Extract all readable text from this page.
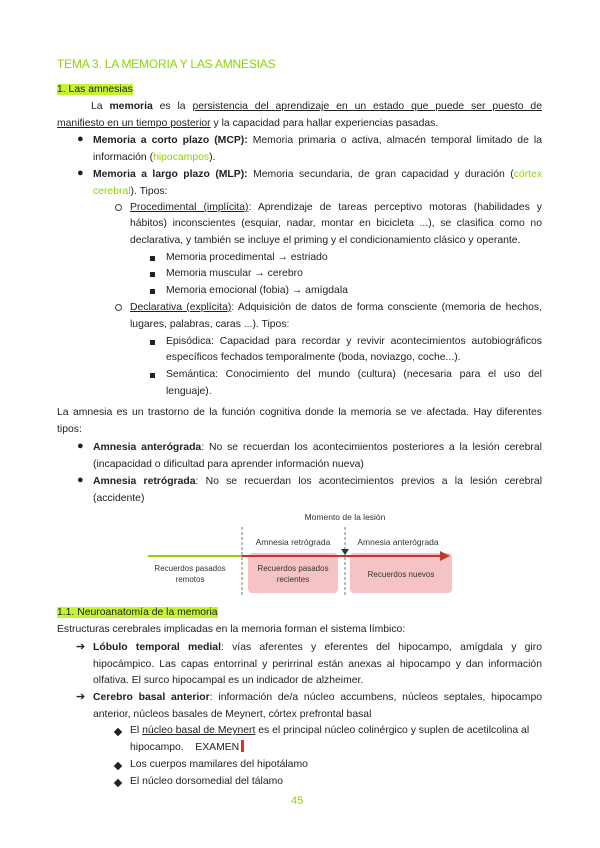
TEMA 3. LA MEMORIA Y LAS AMNESIAS
1. Las amnesias
La memoria es la persistencia del aprendizaje en un estado que puede ser puesto de
manifiesto en un tiempo posterior y la capacidad para hallar experiencias pasadas.
● Memoria a corto plazo (MCP): Memoria primaria o activa, almacén temporal limitado de la
información (hipocampos).
● Memoria a largo plazo (MLP): Memoria secundaria, de gran capacidad y duración (córtex
cerebral). Tipos:
Procedimental (implícita): Aprendizaje de tareas perceptivo motoras (habilidades y
hábitos) inconscientes (esquiar, nadar, montar en bicicleta ...), se clasifica como no
declarativa, y también se incluye el priming y el condicionamiento clásico y operante.
Memoria procedimental → estriado
Memoria muscular → cerebro
Memoria emocional (fobia) → amígdala
Declarativa (explícita): Adquisición de datos de forma consciente (memoria de hechos,
lugares, palabras, caras ...). Tipos:
Episódica: Capacidad para recordar y revivir acontecimientos autobiográficos
específicos fechados temporalmente (boda, noviazgo, coche...).
Semántica: Conocimiento del mundo (cultura) (necesaria para el uso del
lenguaje).
La amnesia es un trastorno de la función cognitiva donde la memoria se ve afectada. Hay diferentes
tipos:
● Amnesia anterógrada: No se recuerdan los acontecimientos posteriores a la lesión cerebral
(incapacidad o dificultad para aprender información nueva)
● Amnesia retrógrada: No se recuerdan los acontecimientos previos a la lesión cerebral
(accidente)
Momento de la lesión
Amnesia retrógrada	Amnesia anterógrada
Recuerdos pasados
remotos
Recuerdos pasados
recientes
Recuerdos nuevos
1.1. Neuroanatomía de la memoria
Estructuras cerebrales implicadas en la memoria forman el sistema límbico:
➔ Lóbulo temporal medial: vías aferentes y eferentes del hipocampo, amígdala y giro
hipocámpico. Las capas entorrinal y perirrinal están anexas al hipocampo y dan información
olfativa. El surco hipocampal es un indicador de alzheimer.
➔ Cerebro basal anterior: información de/a núcleo accumbens, núcleos septales, hipocampo
anterior, núcleos basales de Meynert, córtex prefrontal basal
El núcleo basal de Meynert es el principal núcleo colinérgico y suplen de acetilcolina al
hipocampo. EXAMEN
Los cuerpos mamilares del hipotálamo
El núcleo dorsomedial del tálamo
45
